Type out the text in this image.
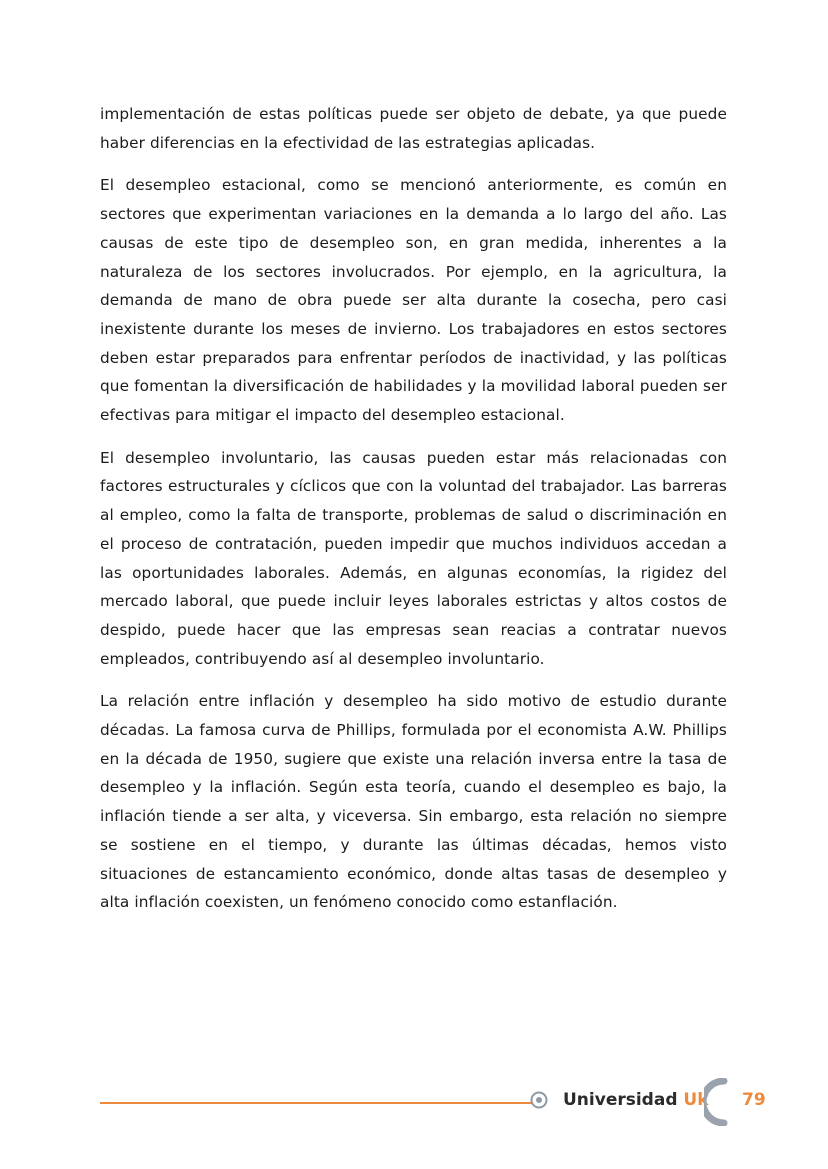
implementación de estas políticas puede ser objeto de debate, ya que puede haber diferencias en la efectividad de las estrategias aplicadas.

El desempleo estacional, como se mencionó anteriormente, es común en sectores que experimentan variaciones en la demanda a lo largo del año. Las causas de este tipo de desempleo son, en gran medida, inherentes a la naturaleza de los sectores involucrados. Por ejemplo, en la agricultura, la demanda de mano de obra puede ser alta durante la cosecha, pero casi inexistente durante los meses de invierno. Los trabajadores en estos sectores deben estar preparados para enfrentar períodos de inactividad, y las políticas que fomentan la diversificación de habilidades y la movilidad laboral pueden ser efectivas para mitigar el impacto del desempleo estacional.

El desempleo involuntario, las causas pueden estar más relacionadas con factores estructurales y cíclicos que con la voluntad del trabajador. Las barreras al empleo, como la falta de transporte, problemas de salud o discriminación en el proceso de contratación, pueden impedir que muchos individuos accedan a las oportunidades laborales. Además, en algunas economías, la rigidez del mercado laboral, que puede incluir leyes laborales estrictas y altos costos de despido, puede hacer que las empresas sean reacias a contratar nuevos empleados, contribuyendo así al desempleo involuntario.

La relación entre inflación y desempleo ha sido motivo de estudio durante décadas. La famosa curva de Phillips, formulada por el economista A.W. Phillips en la década de 1950, sugiere que existe una relación inversa entre la tasa de desempleo y la inflación. Según esta teoría, cuando el desempleo es bajo, la inflación tiende a ser alta, y viceversa. Sin embargo, esta relación no siempre se sostiene en el tiempo, y durante las últimas décadas, hemos visto situaciones de estancamiento económico, donde altas tasas de desempleo y alta inflación coexisten, un fenómeno conocido como estanflación.

Universidad Uk 79
